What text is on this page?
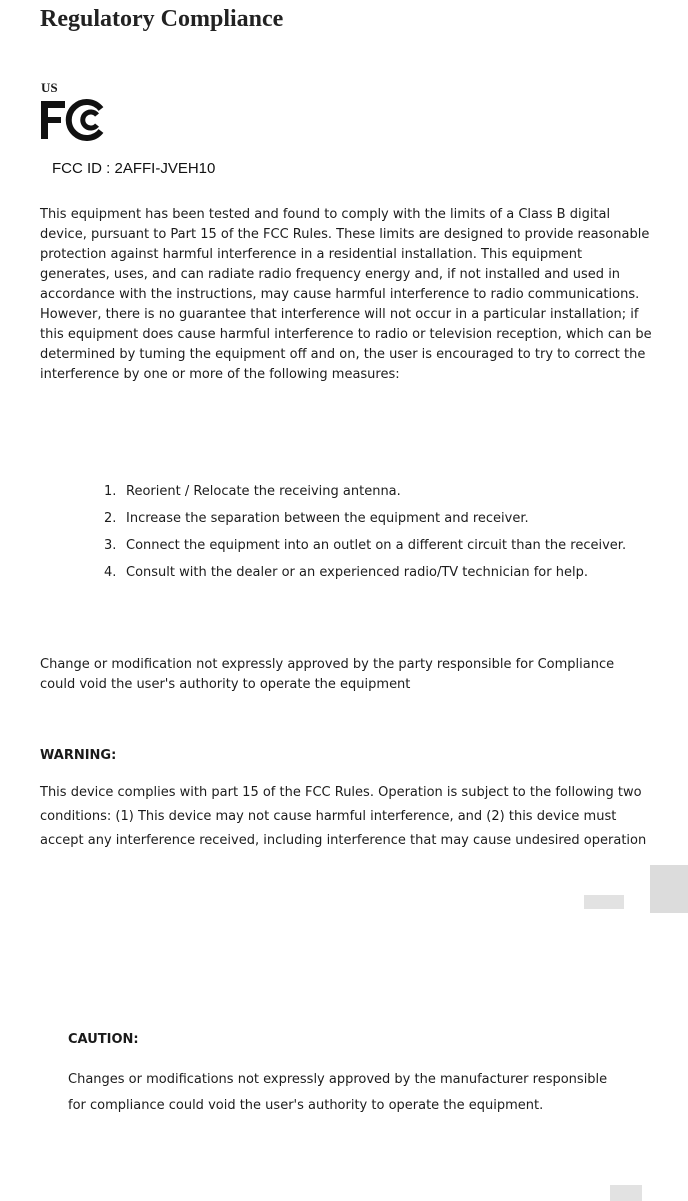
Regulatory Compliance
US
FCC ID : 2AFFI-JVEH10

This equipment has been tested and found to comply with the limits of a Class B digital device, pursuant to Part 15 of the FCC Rules. These limits are designed to provide reasonable protection against harmful interference in a residential installation. This equipment generates, uses, and can radiate radio frequency energy and, if not installed and used in accordance with the instructions, may cause harmful interference to radio communications. However, there is no guarantee that interference will not occur in a particular installation; if this equipment does cause harmful interference to radio or television reception, which can be determined by tuming the equipment off and on, the user is encouraged to try to correct the interference by one or more of the following measures:

1. Reorient / Relocate the receiving antenna.
2. Increase the separation between the equipment and receiver.
3. Connect the equipment into an outlet on a different circuit than the receiver.
4. Consult with the dealer or an experienced radio/TV technician for help.

Change or modification not expressly approved by the party responsible for Compliance could void the user's authority to operate the equipment

WARNING:

This device complies with part 15 of the FCC Rules. Operation is subject to the following two conditions: (1) This device may not cause harmful interference, and (2) this device must accept any interference received, including interference that may cause undesired operation

CAUTION:

Changes or modifications not expressly approved by the manufacturer responsible for compliance could void the user's authority to operate the equipment.
